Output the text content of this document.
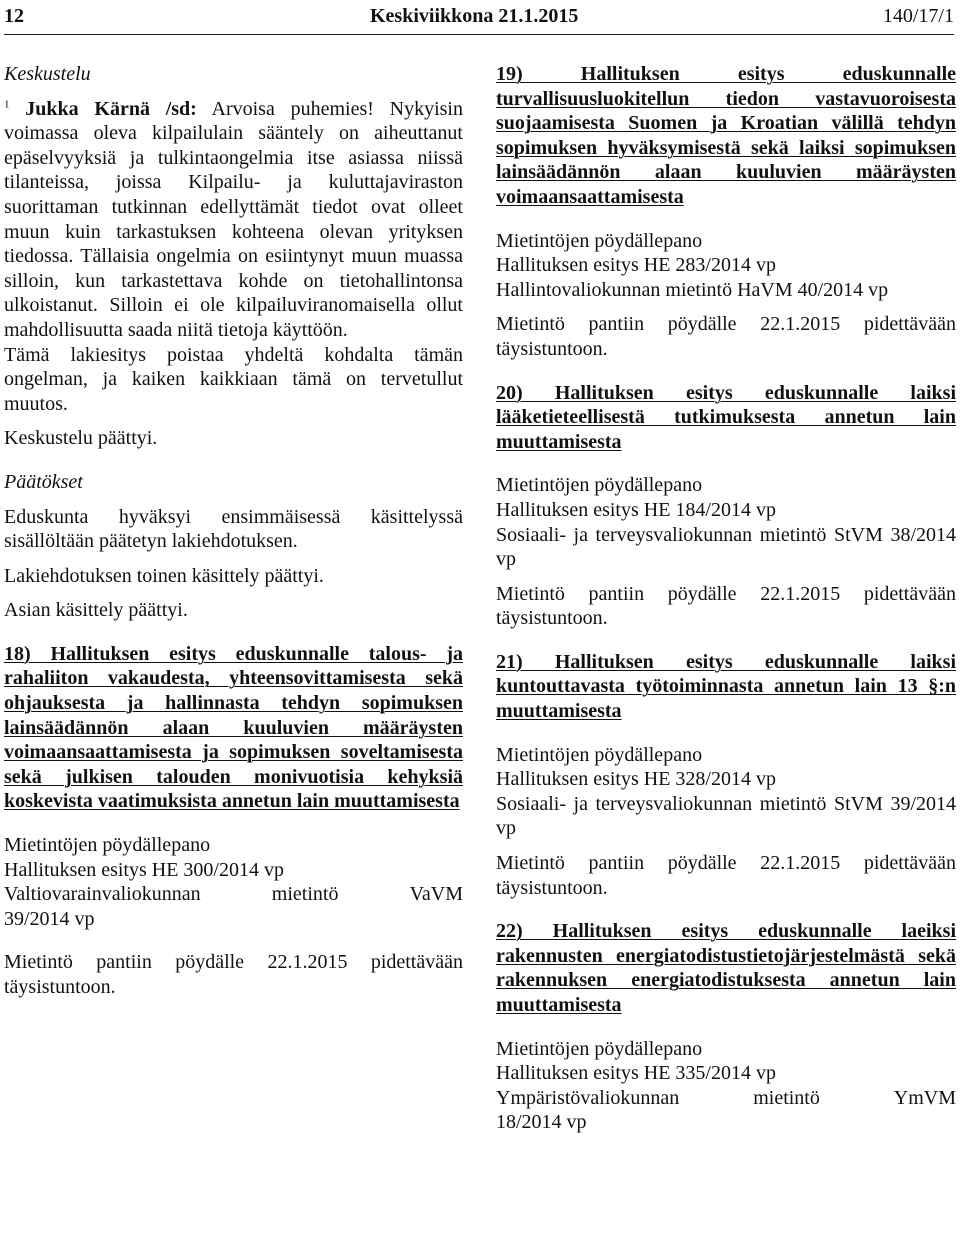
12	Keskiviikkona 21.1.2015	140/17/1

Keskustelu

$^1$ Jukka Kärnä /sd: Arvoisa puhemies! Nykyisin voimassa oleva kilpailulain sääntely on aiheuttanut epäselvyyksiä ja tulkintaongelmia itse asiassa niissä tilanteissa, joissa Kilpailu- ja kuluttajaviraston suorittaman tutkinnan edellyttämät tiedot ovat olleet muun kuin tarkastuksen kohteena olevan yrityksen tiedossa. Tällaisia ongelmia on esiintynyt muun muassa silloin, kun tarkastettava kohde on tietohallintonsa ulkoistanut. Silloin ei ole kilpailuviranomaisella ollut mahdollisuutta saada niitä tietoja käyttöön.

Tämä lakiesitys poistaa yhdeltä kohdalta tämän ongelman, ja kaiken kaikkiaan tämä on tervetullut muutos.

Keskustelu päättyi.

Päätökset

Eduskunta hyväksyi ensimmäisessä käsittelyssä sisällöltään päätetyn lakiehdotuksen.

Lakiehdotuksen toinen käsittely päättyi.

Asian käsittely päättyi.

18) Hallituksen esitys eduskunnalle talous- ja rahaliiton vakaudesta, yhteensovittamisesta sekä ohjauksesta ja hallinnasta tehdyn sopimuksen lainsäädännön alaan kuuluvien määräysten voimaansaattamisesta ja sopimuksen soveltamisesta sekä julkisen talouden monivuotisia kehyksiä koskevista vaatimuksista annetun lain muuttamisesta

Mietintöjen pöydällepano

Hallituksen esitys HE 300/2014 vp

Valtiovarainvaliokunnan	mietintö	VaVM

39/2014 vp

Mietintö pantiin pöydälle 22.1.2015 pidettävään täysistuntoon.

19) Hallituksen esitys eduskunnalle turvallisuusluokitellun tiedon vastavuoroisesta suojaamisesta Suomen ja Kroatian välillä tehdyn sopimuksen hyväksymisestä sekä laiksi sopimuksen lainsäädännön alaan kuuluvien määräysten voimaansaattamisesta

Mietintöjen pöydällepano

Hallituksen esitys HE 283/2014 vp

Hallintovaliokunnan mietintö HaVM 40/2014 vp

Mietintö pantiin pöydälle 22.1.2015 pidettävään täysistuntoon.

20) Hallituksen esitys eduskunnalle laiksi lääketieteellisestä tutkimuksesta annetun lain muuttamisesta

Mietintöjen pöydällepano

Hallituksen esitys HE 184/2014 vp

Sosiaali- ja terveysvaliokunnan mietintö StVM 38/2014 vp

Mietintö pantiin pöydälle 22.1.2015 pidettävään täysistuntoon.

21) Hallituksen esitys eduskunnalle laiksi kuntouttavasta työtoiminnasta annetun lain 13 §:n muuttamisesta

Mietintöjen pöydällepano

Hallituksen esitys HE 328/2014 vp

Sosiaali- ja terveysvaliokunnan mietintö StVM 39/2014 vp

Mietintö pantiin pöydälle 22.1.2015 pidettävään täysistuntoon.

22) Hallituksen esitys eduskunnalle laeiksi rakennusten energiatodistustietojärjestelmästä sekä rakennuksen energiatodistuksesta annetun lain muuttamisesta

Mietintöjen pöydällepano

Hallituksen esitys HE 335/2014 vp

Ympäristövaliokunnan	mietintö	YmVM

18/2014 vp
